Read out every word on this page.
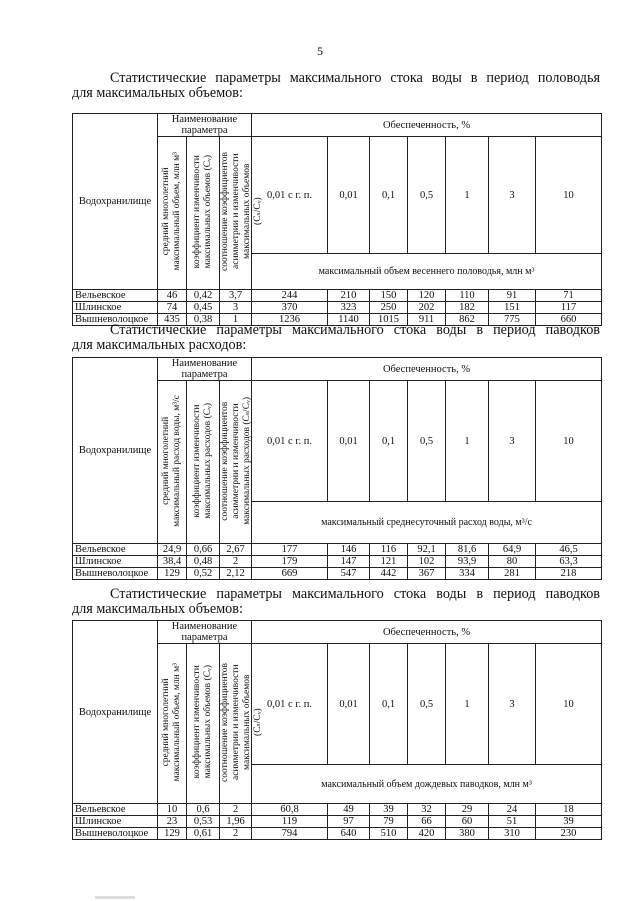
5
Статистические параметры максимального стока воды в период половодья
для максимальных объемов:
Водохранилище	Наименование параметра			Обеспеченность, %						
	средний многолетний
максимальный объем, млн м³	коэффициент изменчивости
максимальных объемов (Cᵥ)	соотношение коэффициентов
асимметрии и изменчивости
максимальных объемов
(Cₛ/Cᵥ)	0,01 с г. п.	0,01	0,1	0,5	1	3	10
				максимальный объем весеннего половодья, млн м³						
Вельевское	46	0,42	3,7	244	210	150	120	110	91	71
Шлинское	74	0,45	3	370	323	250	202	182	151	117
Вышневолоцкое	435	0,38	1	1236	1140	1015	911	862	775	660
Статистические параметры максимального стока воды в период паводков
для максимальных расходов:
Водохранилище	Наименование параметра			Обеспеченность, %						
	средний многолетний
максимальный расход воды, м³/с	коэффициент изменчивости
максимальных расходов (Cᵥ)	соотношение коэффициентов
асимметрии и изменчивости
максимальных расходов (Cₛ/Cᵥ)	0,01 с г. п.	0,01	0,1	0,5	1	3	10
				максимальный среднесуточный расход воды, м³/с						
Вельевское	24,9	0,66	2,67	177	146	116	92,1	81,6	64,9	46,5
Шлинское	38,4	0,48	2	179	147	121	102	93,9	80	63,3
Вышневолоцкое	129	0,52	2,12	669	547	442	367	334	281	218
Статистические параметры максимального стока воды в период паводков
для максимальных объемов:
Водохранилище	Наименование параметра			Обеспеченность, %						
	средний многолетний
максимальный объем, млн м³	коэффициент изменчивости
максимальных объемов (Cᵥ)	соотношение коэффициентов
асимметрии и изменчивости
максимальных объемов
(Cₛ/Cᵥ)	0,01 с г. п.	0,01	0,1	0,5	1	3	10
				максимальный объем дождевых паводков, млн м³						
Вельевское	10	0,6	2	60,8	49	39	32	29	24	18
Шлинское	23	0,53	1,96	119	97	79	66	60	51	39
Вышневолоцкое	129	0,61	2	794	640	510	420	380	310	230
